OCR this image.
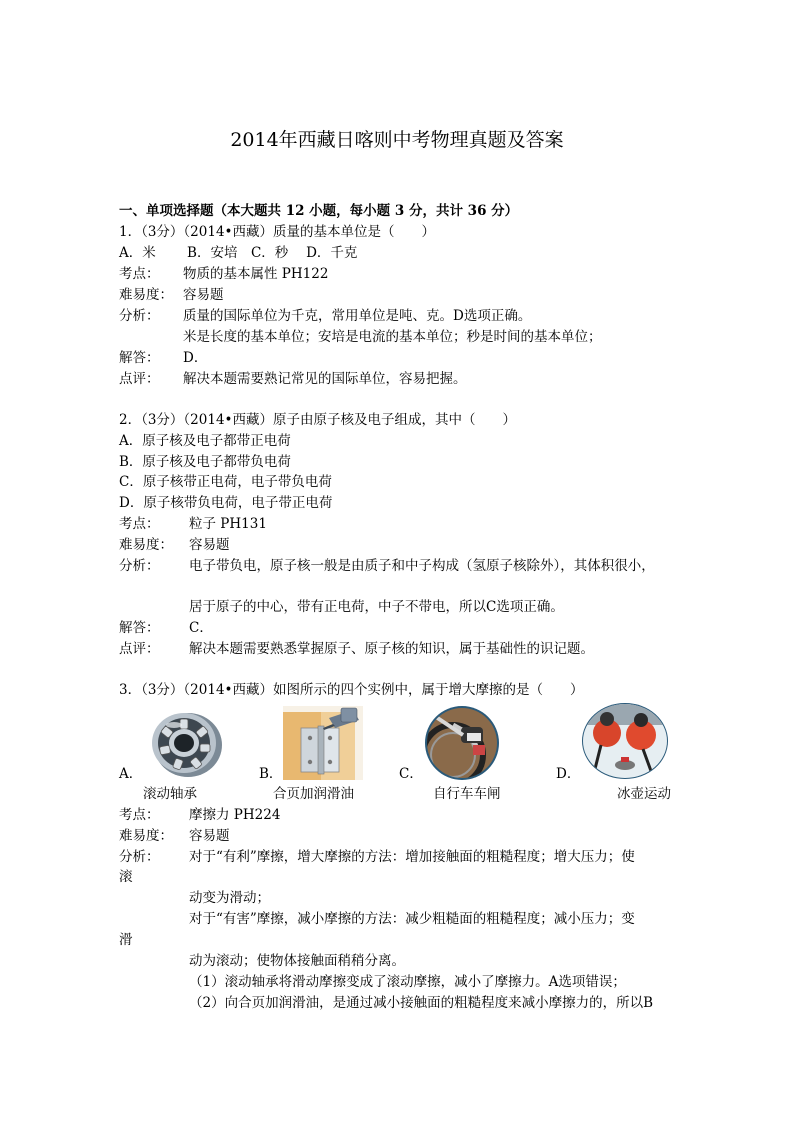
2014年西藏日喀则中考物理真题及答案
一、单项选择题（本大题共 12 小题，每小题 3 分，共计 36 分）
1．（3分）（2014•西藏）质量的基本单位是（　　）
A．米　　 B．安培　C．秒　 D．千克
考点： 物质的基本属性 PH122
难易度： 容易题
分析： 质量的国际单位为千克，常用单位是吨、克。D选项正确。
米是长度的基本单位；安培是电流的基本单位；秒是时间的基本单位；
解答： D．
点评： 解决本题需要熟记常见的国际单位，容易把握。
2．（3分）（2014•西藏）原子由原子核及电子组成，其中（　　）
A．原子核及电子都带正电荷
B．原子核及电子都带负电荷
C．原子核带正电荷，电子带负电荷
D．原子核带负电荷，电子带正电荷
考点： 粒子 PH131
难易度： 容易题
分析： 电子带负电，原子核一般是由质子和中子构成（氢原子核除外），其体积很小，
居于原子的中心，带有正电荷，中子不带电，所以C选项正确。
解答： C．
点评： 解决本题需要熟悉掌握原子、原子核的知识，属于基础性的识记题。
3．（3分）（2014•西藏）如图所示的四个实例中，属于增大摩擦的是（　　）
A．	B．	C．	D．
滚动轴承	合页加润滑油	自行车车闸	冰壶运动
考点： 摩擦力 PH224
难易度： 容易题
分析： 对于“有利”摩擦，增大摩擦的方法：增加接触面的粗糙程度；增大压力；使
滚
动变为滑动；
对于“有害”摩擦，减小摩擦的方法：减少粗糙面的粗糙程度；减小压力；变
滑
动为滚动；使物体接触面稍稍分离。
（1）滚动轴承将滑动摩擦变成了滚动摩擦，减小了摩擦力。A选项错误；
（2）向合页加润滑油，是通过减小接触面的粗糙程度来减小摩擦力的，所以B
